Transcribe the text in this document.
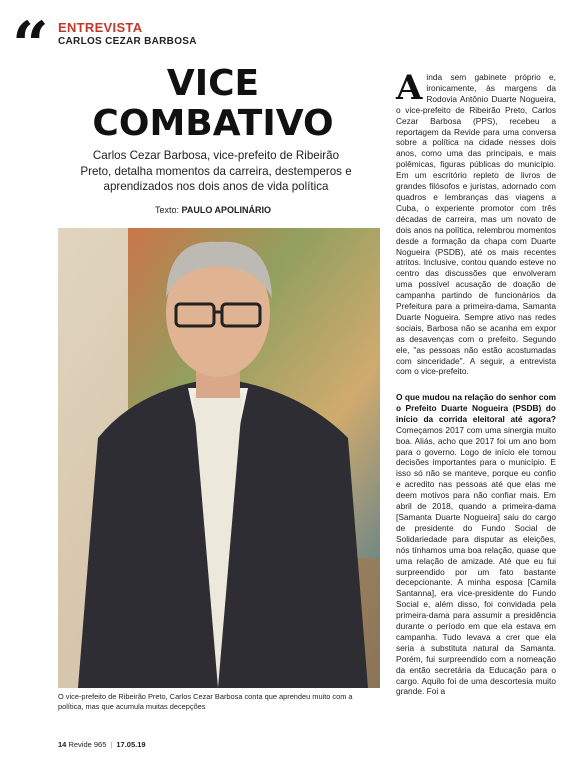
“ ENTREVISTA
CARLOS CEZAR BARBOSA
VICE
COMBATIVO
Carlos Cezar Barbosa, vice-prefeito de Ribeirão Preto, detalha momentos da carreira, destemperos e aprendizados nos dois anos de vida política
Texto: PAULO APOLINÁRIO
O vice-prefeito de Ribeirão Preto, Carlos Cezar Barbosa conta que aprendeu muito com a política, mas que acumula muitas decepções
Ainda sem gabinete próprio e, ironicamente, às margens da Rodovia Antônio Duarte Nogueira, o vice-prefeito de Ribeirão Preto, Carlos Cezar Barbosa (PPS), recebeu a reportagem da Revide para uma conversa sobre a política na cidade nesses dois anos, como uma das principais, e mais polêmicas, figuras públicas do município. Em um escritório repleto de livros de grandes filósofos e juristas, adornado com quadros e lembranças das viagens a Cuba, o experiente promotor com três décadas de carreira, mas um novato de dois anos na política, relembrou momentos desde a formação da chapa com Duarte Nogueira (PSDB), até os mais recentes atritos. Inclusive, contou quando esteve no centro das discussões que envolveram uma possível acusação de doação de campanha partindo de funcionários da Prefeitura para a primeira-dama, Samanta Duarte Nogueira. Sempre ativo nas redes sociais, Barbosa não se acanha em expor as desavenças com o prefeito. Segundo ele, "as pessoas não estão acostumadas com sinceridade". A seguir, a entrevista com o vice-prefeito.
O que mudou na relação do senhor com o Prefeito Duarte Nogueira (PSDB) do início da corrida eleitoral até agora? Começamos 2017 com uma sinergia muito boa. Aliás, acho que 2017 foi um ano bom para o governo. Logo de início ele tomou decisões importantes para o município. E isso só não se manteve, porque eu confio e acredito nas pessoas até que elas me deem motivos para não confiar mais. Em abril de 2018, quando a primeira-dama [Samanta Duarte Nogueira] saiu do cargo de presidente do Fundo Social de Solidariedade para disputar as eleições, nós tínhamos uma boa relação, quase que uma relação de amizade. Até que eu fui surpreendido por um fato bastante decepcionante. A minha esposa [Camila Santanna], era vice-presidente do Fundo Social e, além disso, foi convidada pela primeira-dama para assumir a presidência durante o período em que ela estava em campanha. Tudo levava a crer que ela seria a substituta natural da Samanta. Porém, fui surpreendido com a nomeação da então secretária da Educação para o cargo. Aquilo foi de uma descortesia muito grande. Foi a
14 Revide 965 | 17.05.19
